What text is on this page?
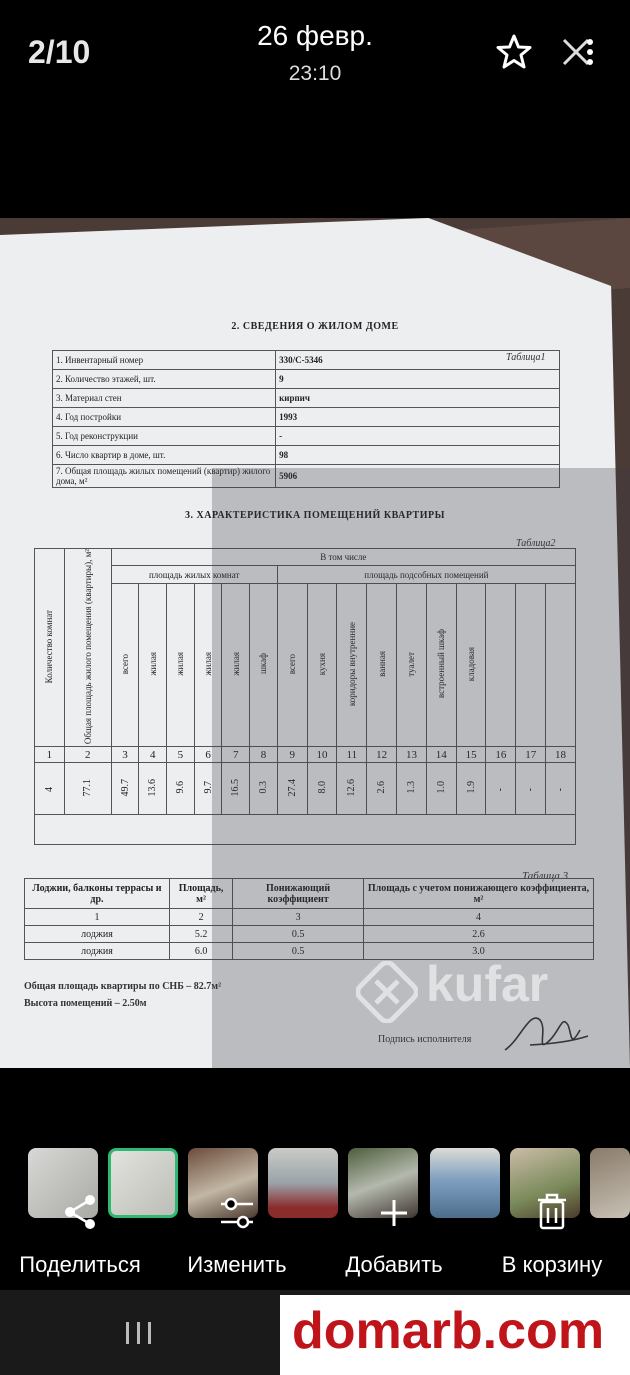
2/10	26 февр.
23:10
2. СВЕДЕНИЯ О ЖИЛОМ ДОМЕ
Таблица1
1. Инвентарный номер	330/С-5346
2. Количество этажей, шт.	9
3. Материал стен	кирпич
4. Год постройки	1993
5. Год реконструкции	-
6. Число квартир в доме, шт.	98
7. Общая площадь жилых помещений (квартир) жилого дома, м²	5906
3. ХАРАКТЕРИСТИКА ПОМЕЩЕНИЙ КВАРТИРЫ
Таблица2
Количество комнат	Общая площадь жилого помещения (квартиры), м²	В том числе															
		площадь жилых комнат						площадь подсобных помещений									
		всего	жилая	жилая	жилая	жилая	шкаф	всего	кухня	коридоры внутренние	ванная	туалет	встроенный шкаф	кладовая			
1	2	3	4	5	6	7	8	9	10	11	12	13	14	15	16	17	18
4	77.1	49.7	13.6	9.6	9.7	16.5	0.3	27.4	8.0	12.6	2.6	1.3	1.0	1.9	-	-	-

Таблица 3
Лоджии, балконы террасы и др.	Площадь, м²	Понижающий коэффициент	Площадь с учетом понижающего коэффициента, м²
1	2	3	4
лоджия	5.2	0.5	2.6
лоджия	6.0	0.5	3.0
Общая площадь квартиры по СНБ – 82.7м²
Высота помещений – 2.50м
Подпись исполнителя
kufar
Поделиться	Изменить	Добавить	В корзину
domarb.com
